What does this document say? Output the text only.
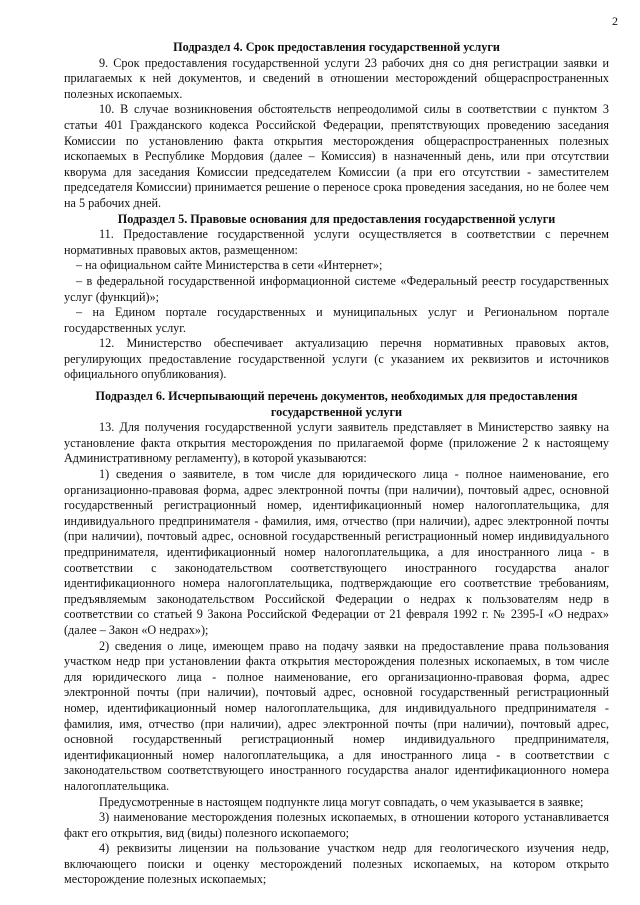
2
Подраздел 4. Срок предоставления государственной услуги
9. Срок предоставления государственной услуги 23 рабочих дня со дня регистрации заявки и прилагаемых к ней документов, и сведений в отношении месторождений общераспространенных полезных ископаемых.
10. В случае возникновения обстоятельств непреодолимой силы в соответствии с пунктом 3 статьи 401 Гражданского кодекса Российской Федерации, препятствующих проведению заседания Комиссии по установлению факта открытия месторождения общераспространенных полезных ископаемых в Республике Мордовия (далее – Комиссия) в назначенный день, или при отсутствии кворума для заседания Комиссии председателем Комиссии (а при его отсутствии - заместителем председателя Комиссии) принимается решение о переносе срока проведения заседания, но не более чем на 5 рабочих дней.
Подраздел 5. Правовые основания для предоставления государственной услуги
11. Предоставление государственной услуги осуществляется в соответствии с перечнем нормативных правовых актов, размещенном:
– на официальном сайте Министерства в сети «Интернет»;
– в федеральной государственной информационной системе «Федеральный реестр государственных услуг (функций)»;
– на Едином портале государственных и муниципальных услуг и Региональном портале государственных услуг.
12. Министерство обеспечивает актуализацию перечня нормативных правовых актов, регулирующих предоставление государственной услуги (с указанием их реквизитов и источников официального опубликования).
Подраздел 6. Исчерпывающий перечень документов, необходимых для предоставления государственной услуги
13. Для получения государственной услуги заявитель представляет в Министерство заявку на установление факта открытия месторождения по прилагаемой форме (приложение 2 к настоящему Административному регламенту), в которой указываются:
1) сведения о заявителе, в том числе для юридического лица - полное наименование, его организационно-правовая форма, адрес электронной почты (при наличии), почтовый адрес, основной государственный регистрационный номер, идентификационный номер налогоплательщика, для индивидуального предпринимателя - фамилия, имя, отчество (при наличии), адрес электронной почты (при наличии), почтовый адрес, основной государственный регистрационный номер индивидуального предпринимателя, идентификационный номер налогоплательщика, а для иностранного лица - в соответствии с законодательством соответствующего иностранного государства аналог идентификационного номера налогоплательщика, подтверждающие его соответствие требованиям, предъявляемым законодательством Российской Федерации о недрах к пользователям недр в соответствии со статьей 9 Закона Российской Федерации от 21 февраля 1992 г. № 2395-I «О недрах» (далее – Закон «О недрах»);
2) сведения о лице, имеющем право на подачу заявки на предоставление права пользования участком недр при установлении факта открытия месторождения полезных ископаемых, в том числе для юридического лица - полное наименование, его организационно-правовая форма, адрес электронной почты (при наличии), почтовый адрес, основной государственный регистрационный номер, идентификационный номер налогоплательщика, для индивидуального предпринимателя - фамилия, имя, отчество (при наличии), адрес электронной почты (при наличии), почтовый адрес, основной государственный регистрационный номер индивидуального предпринимателя, идентификационный номер налогоплательщика, а для иностранного лица - в соответствии с законодательством соответствующего иностранного государства аналог идентификационного номера налогоплательщика.
Предусмотренные в настоящем подпункте лица могут совпадать, о чем указывается в заявке;
3) наименование месторождения полезных ископаемых, в отношении которого устанавливается факт его открытия, вид (виды) полезного ископаемого;
4) реквизиты лицензии на пользование участком недр для геологического изучения недр, включающего поиски и оценку месторождений полезных ископаемых, на котором открыто месторождение полезных ископаемых;
